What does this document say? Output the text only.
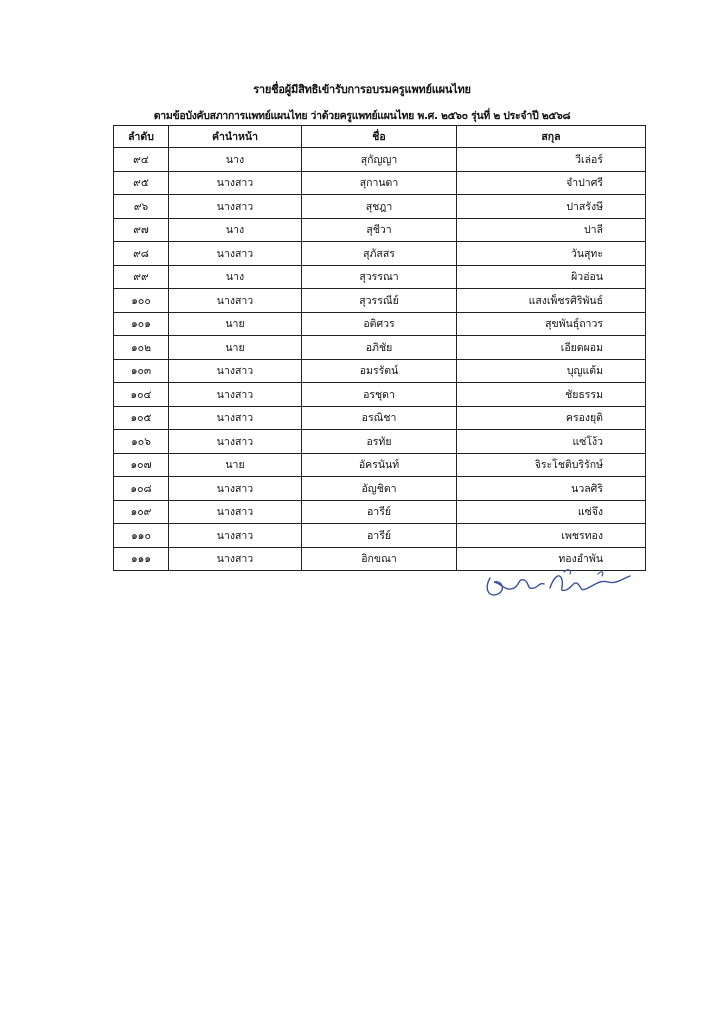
รายชื่อผู้มีสิทธิเข้ารับการอบรมครูแพทย์แผนไทย
ตามข้อบังคับสภาการแพทย์แผนไทย ว่าด้วยครูแพทย์แผนไทย พ.ศ. ๒๕๖๐ รุ่นที่ ๒ ประจำปี ๒๕๖๘
ลำดับ	คำนำหน้า	ชื่อ	สกุล
๙๔	นาง	สุกัญญา	วีเล่อร์
๙๕	นางสาว	สุกานดา	จำปาศรี
๙๖	นางสาว	สุชฎา	ปาสรังษี
๙๗	นาง	สุชีวา	ปาลี
๙๘	นางสาว	สุภัสสร	วันสุทะ
๙๙	นาง	สุวรรณา	ผิวอ่อน
๑๐๐	นางสาว	สุวรรณีย์	แสงเพ็ชรศิริพันธ์
๑๐๑	นาย	อติศวร	สุขพันธุ์ถาวร
๑๐๒	นาย	อภิชัย	เอียดผอม
๑๐๓	นางสาว	อมรรัตน์	บุญแต้ม
๑๐๔	นางสาว	อรชุดา	ชัยธรรม
๑๐๕	นางสาว	อรณิชา	ครองยุติ
๑๐๖	นางสาว	อรทัย	แซ่โง้ว
๑๐๗	นาย	อัครนันท์	จิระโชติบริรักษ์
๑๐๘	นางสาว	อัญชิตา	นวลศิริ
๑๐๙	นางสาว	อารีย์	แซ่จึง
๑๑๐	นางสาว	อารีย์	เพชรทอง
๑๑๑	นางสาว	อิกขณา	ทองอำพัน
